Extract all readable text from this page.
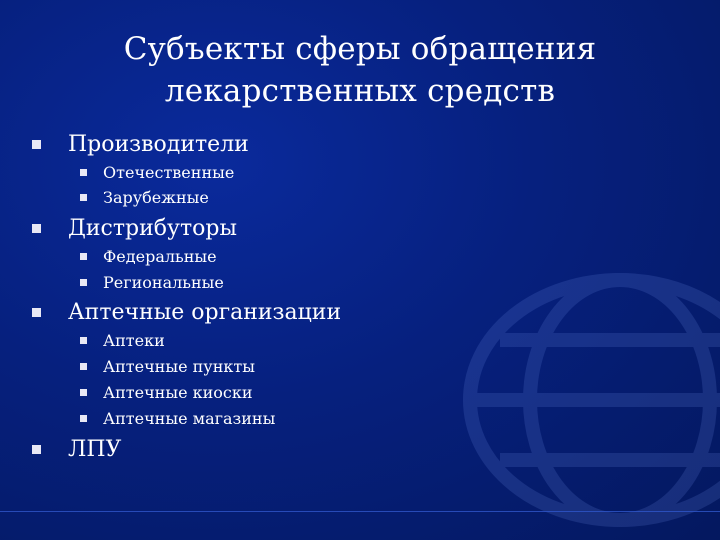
Субъекты сферы обращения
лекарственных средств
Производители
Отечественные
Зарубежные
Дистрибуторы
Федеральные
Региональные
Аптечные организации
Аптеки
Аптечные пункты
Аптечные киоски
Аптечные магазины
ЛПУ
